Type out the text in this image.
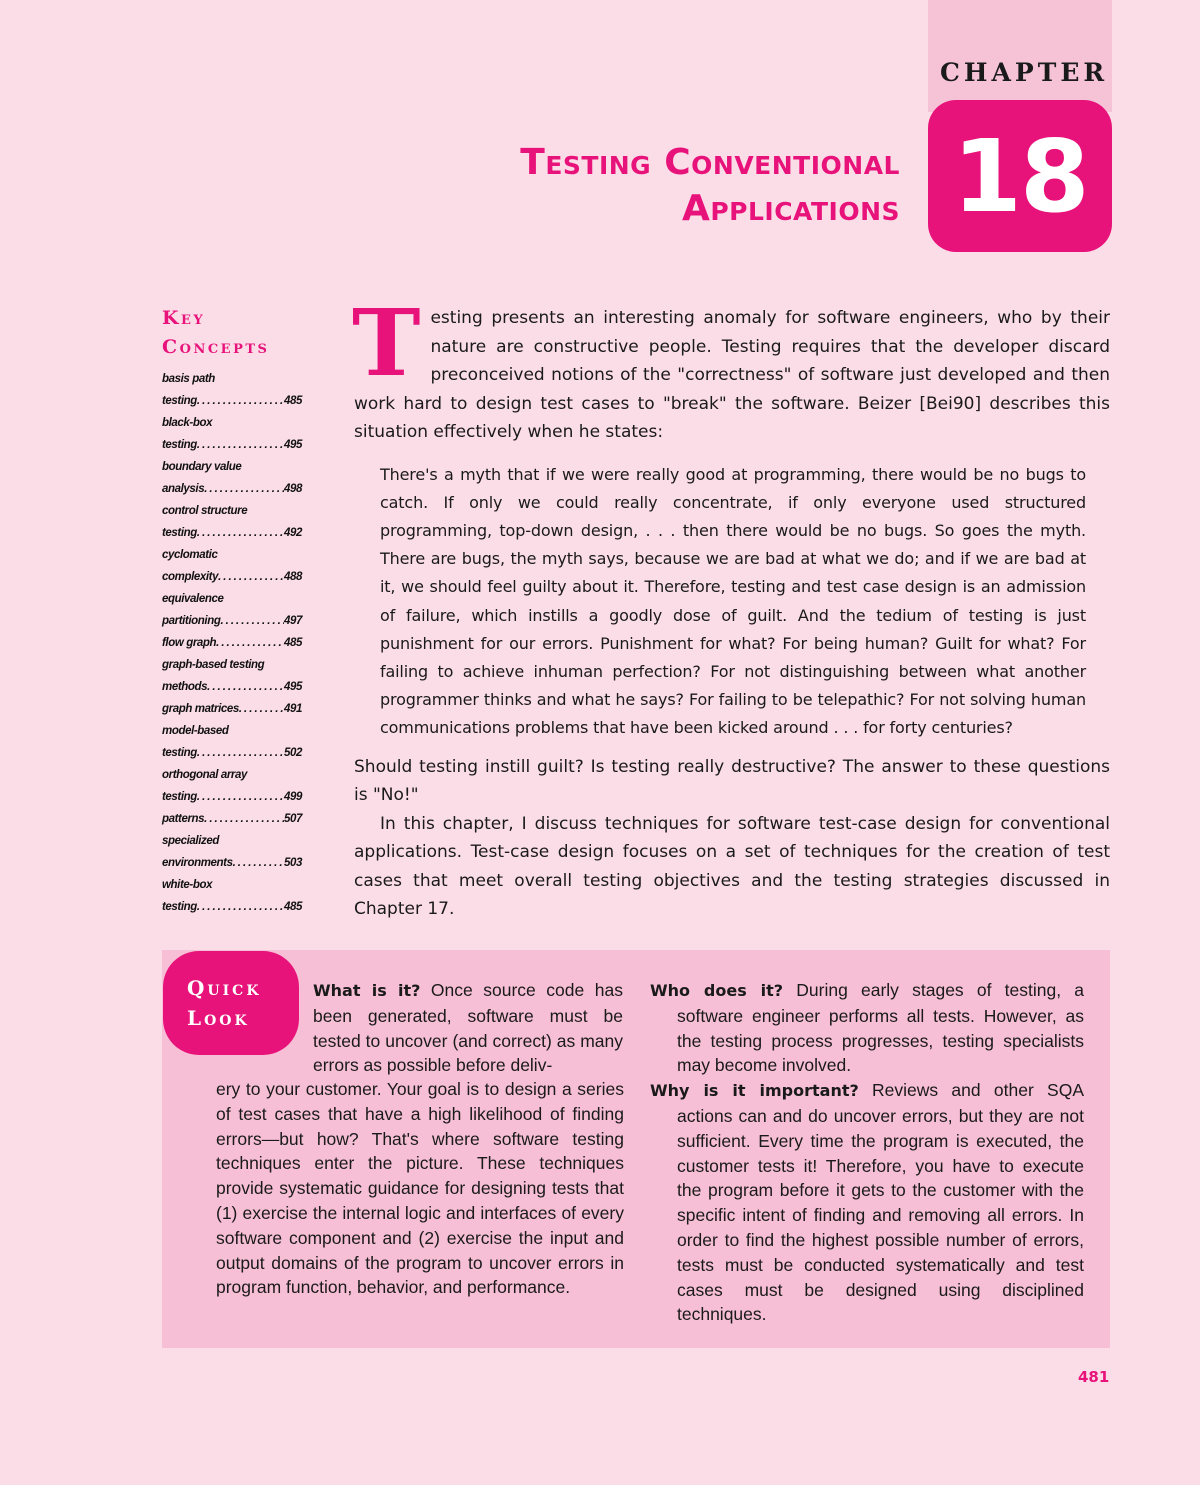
CHAPTER
18
Testing Conventional
Applications
Key
Concepts
basis path
testing .....	485
black-box
testing .....	495
boundary value
analysis .....	498
control structure
testing .....	492
cyclomatic
complexity .....	488
equivalence
partitioning .....	497
flow graph .....	485
graph-based testing
methods .....	495
graph matrices .....	491
model-based
testing .....	502
orthogonal array
testing .....	499
patterns .....	507
specialized
environments .....	503
white-box
testing .....	485

Testing presents an interesting anomaly for software engineers, who by their nature are constructive people. Testing requires that the developer discard preconceived notions of the "correctness" of software just developed and then work hard to design test cases to "break" the software. Beizer [Bei90] describes this situation effectively when he states:

There's a myth that if we were really good at programming, there would be no bugs to catch. If only we could really concentrate, if only everyone used structured programming, top-down design, . . . then there would be no bugs. So goes the myth. There are bugs, the myth says, because we are bad at what we do; and if we are bad at it, we should feel guilty about it. Therefore, testing and test case design is an admission of failure, which instills a goodly dose of guilt. And the tedium of testing is just punishment for our errors. Punishment for what? For being human? Guilt for what? For failing to achieve inhuman perfection? For not distinguishing between what another programmer thinks and what he says? For failing to be telepathic? For not solving human communications problems that have been kicked around . . . for forty centuries?

Should testing instill guilt? Is testing really destructive? The answer to these questions is "No!"

In this chapter, I discuss techniques for software test-case design for conventional applications. Test-case design focuses on a set of techniques for the creation of test cases that meet overall testing objectives and the testing strategies discussed in Chapter 17.

Quick
Look
What is it? Once source code has been generated, software must be tested to uncover (and correct) as many errors as possible before deliv-
ery to your customer. Your goal is to design a series of test cases that have a high likelihood of finding errors—but how? That's where software testing techniques enter the picture. These techniques provide systematic guidance for designing tests that (1) exercise the internal logic and interfaces of every software component and (2) exercise the input and output domains of the program to uncover errors in program function, behavior, and performance.
Who does it? During early stages of testing, a software engineer performs all tests. However, as the testing process progresses, testing specialists may become involved.
Why is it important? Reviews and other SQA actions can and do uncover errors, but they are not sufficient. Every time the program is executed, the customer tests it! Therefore, you have to execute the program before it gets to the customer with the specific intent of finding and removing all errors. In order to find the highest possible number of errors, tests must be conducted systematically and test cases must be designed using disciplined techniques.
481
